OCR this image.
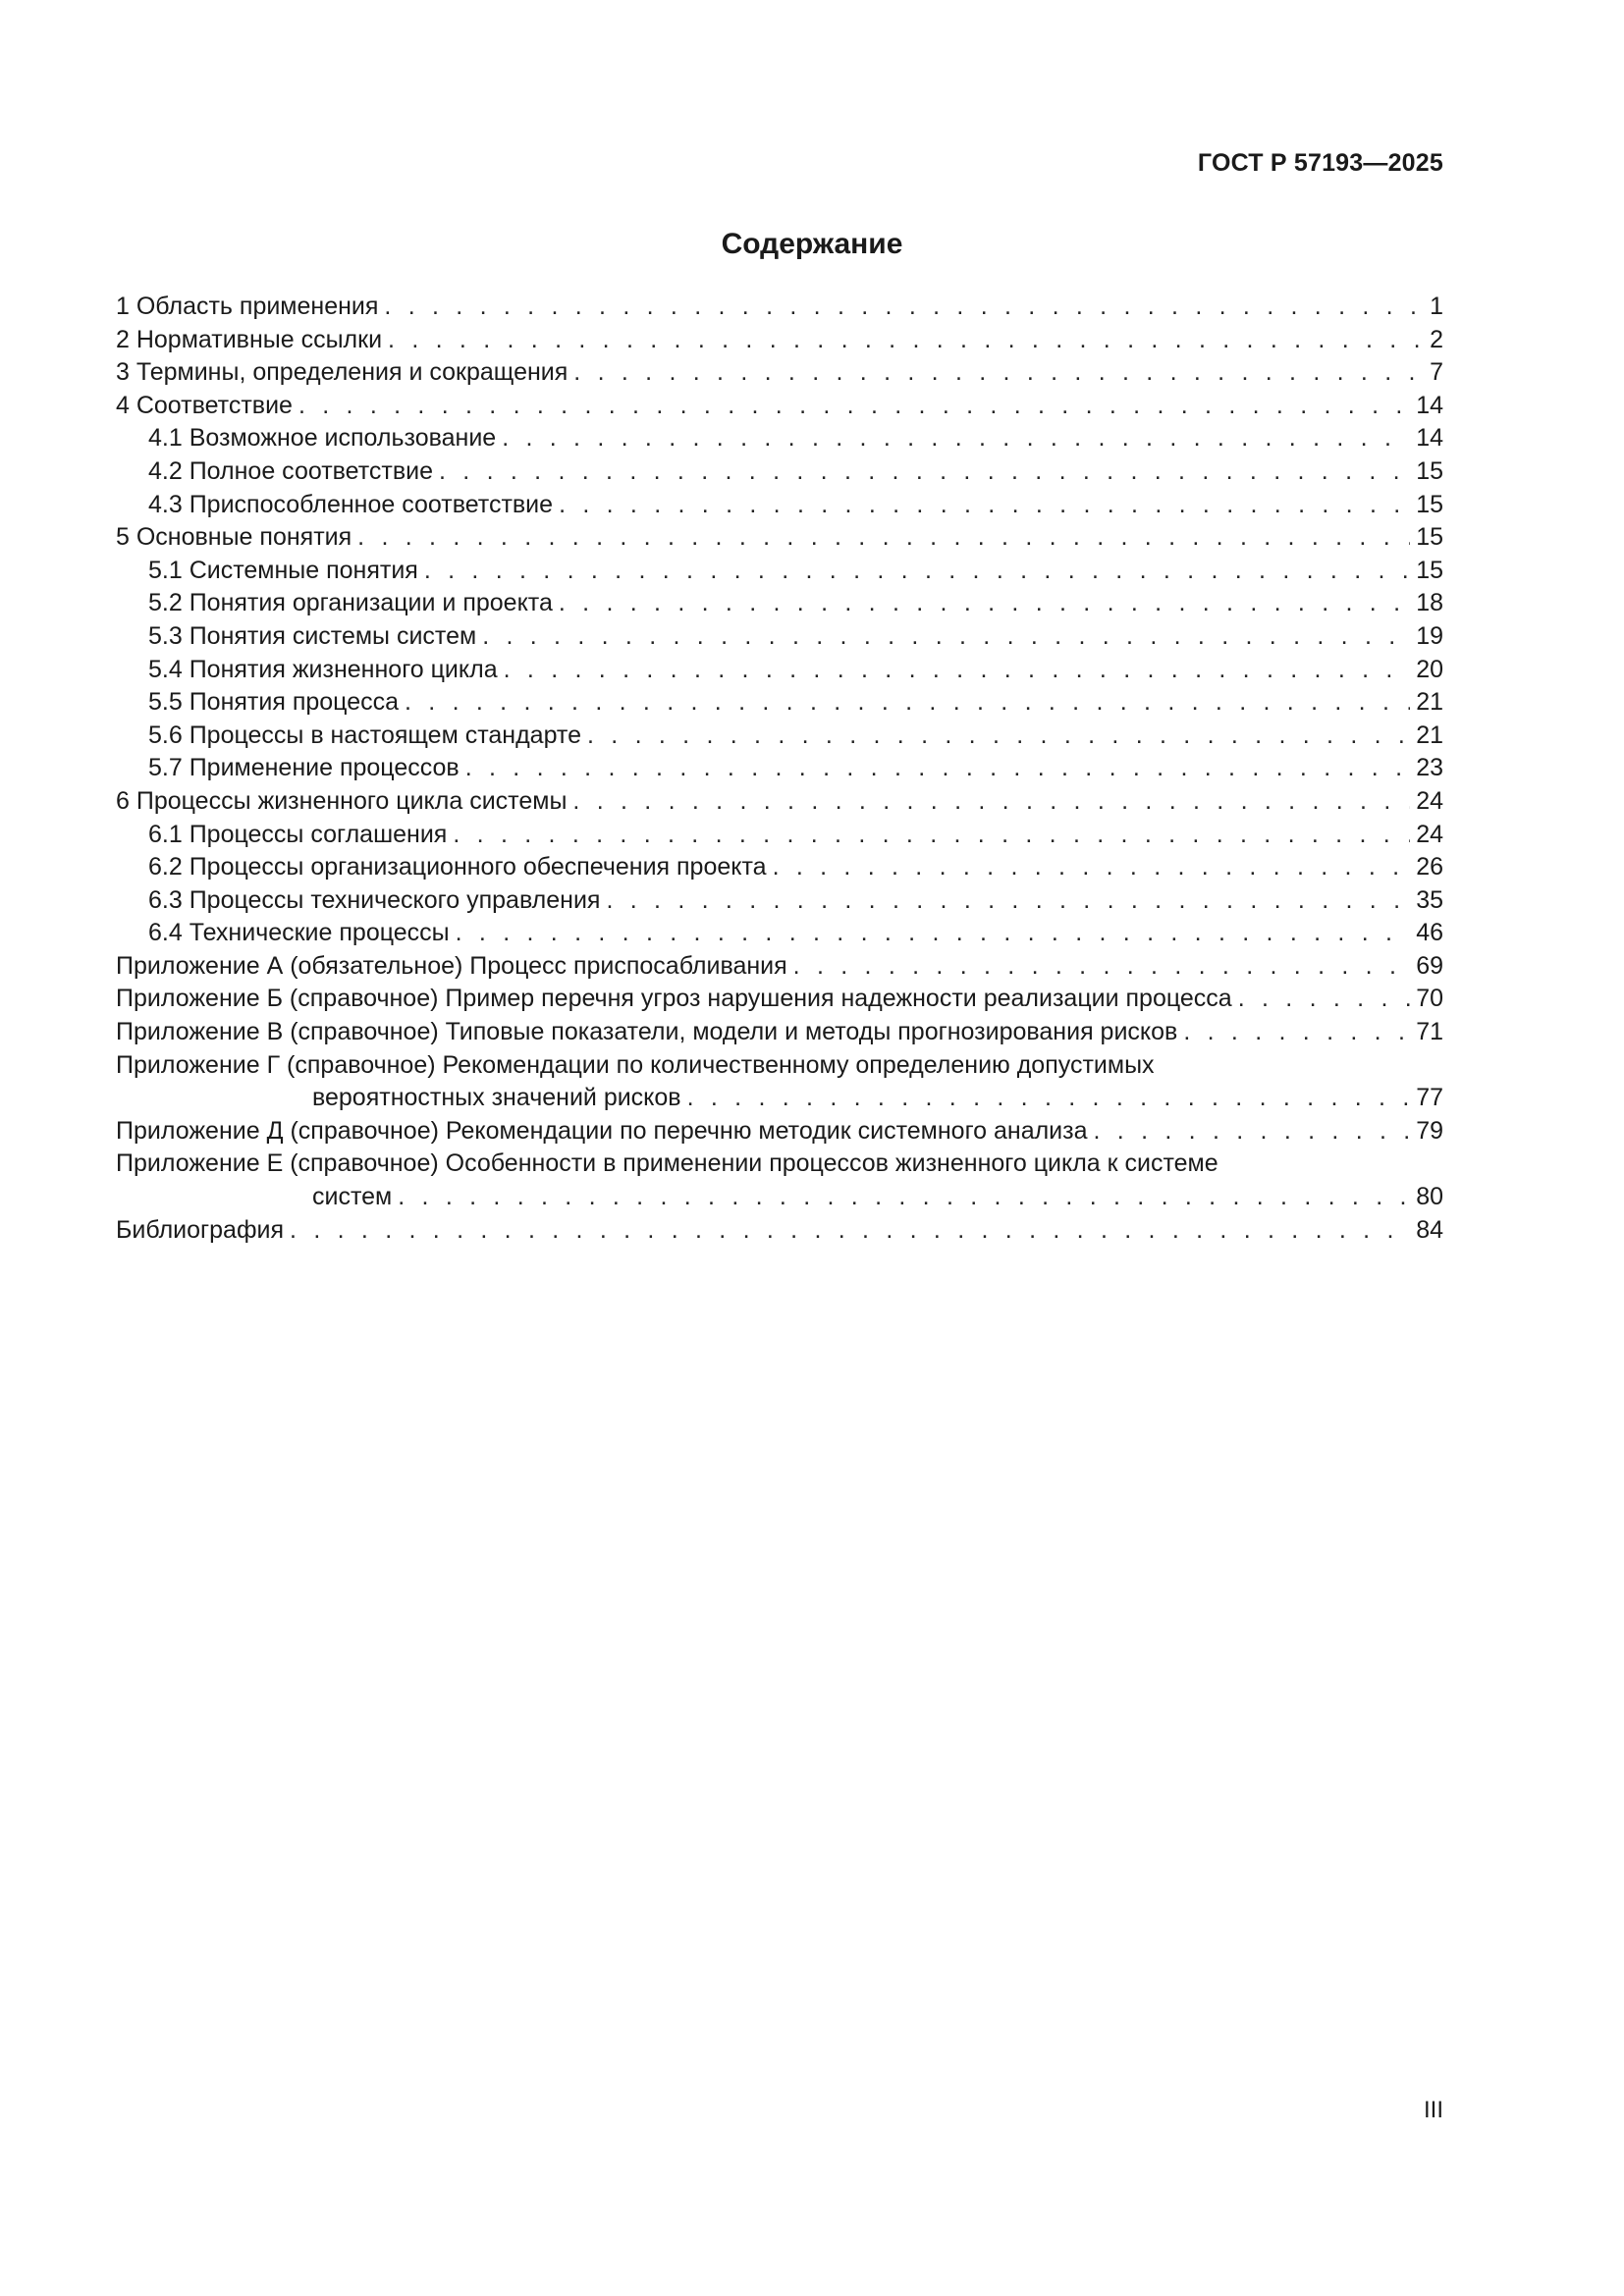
ГОСТ Р 57193—2025
Содержание
1 Область применения . . .	1
2 Нормативные ссылки . . .	2
3 Термины, определения и сокращения . . .	7
4 Соответствие . . .	14
4.1 Возможное использование . . .	14
4.2 Полное соответствие . . .	15
4.3 Приспособленное соответствие . . .	15
5 Основные понятия . . .	15
5.1 Системные понятия . . .	15
5.2 Понятия организации и проекта . . .	18
5.3 Понятия системы систем . . .	19
5.4 Понятия жизненного цикла . . .	20
5.5 Понятия процесса . . .	21
5.6 Процессы в настоящем стандарте . . .	21
5.7 Применение процессов . . .	23
6 Процессы жизненного цикла системы . . .	24
6.1 Процессы соглашения . . .	24
6.2 Процессы организационного обеспечения проекта . . .	26
6.3 Процессы технического управления . . .	35
6.4 Технические процессы . . .	46
Приложение А (обязательное) Процесс приспосабливания . . .	69
Приложение Б (справочное) Пример перечня угроз нарушения надежности реализации процесса . . .	70
Приложение В (справочное) Типовые показатели, модели и методы прогнозирования рисков . . .	71
Приложение Г (справочное) Рекомендации по количественному определению допустимых
вероятностных значений рисков . . .	77
Приложение Д (справочное) Рекомендации по перечню методик системного анализа . . .	79
Приложение Е (справочное) Особенности в применении процессов жизненного цикла к системе
систем . . .	80
Библиография . . .	84
III
